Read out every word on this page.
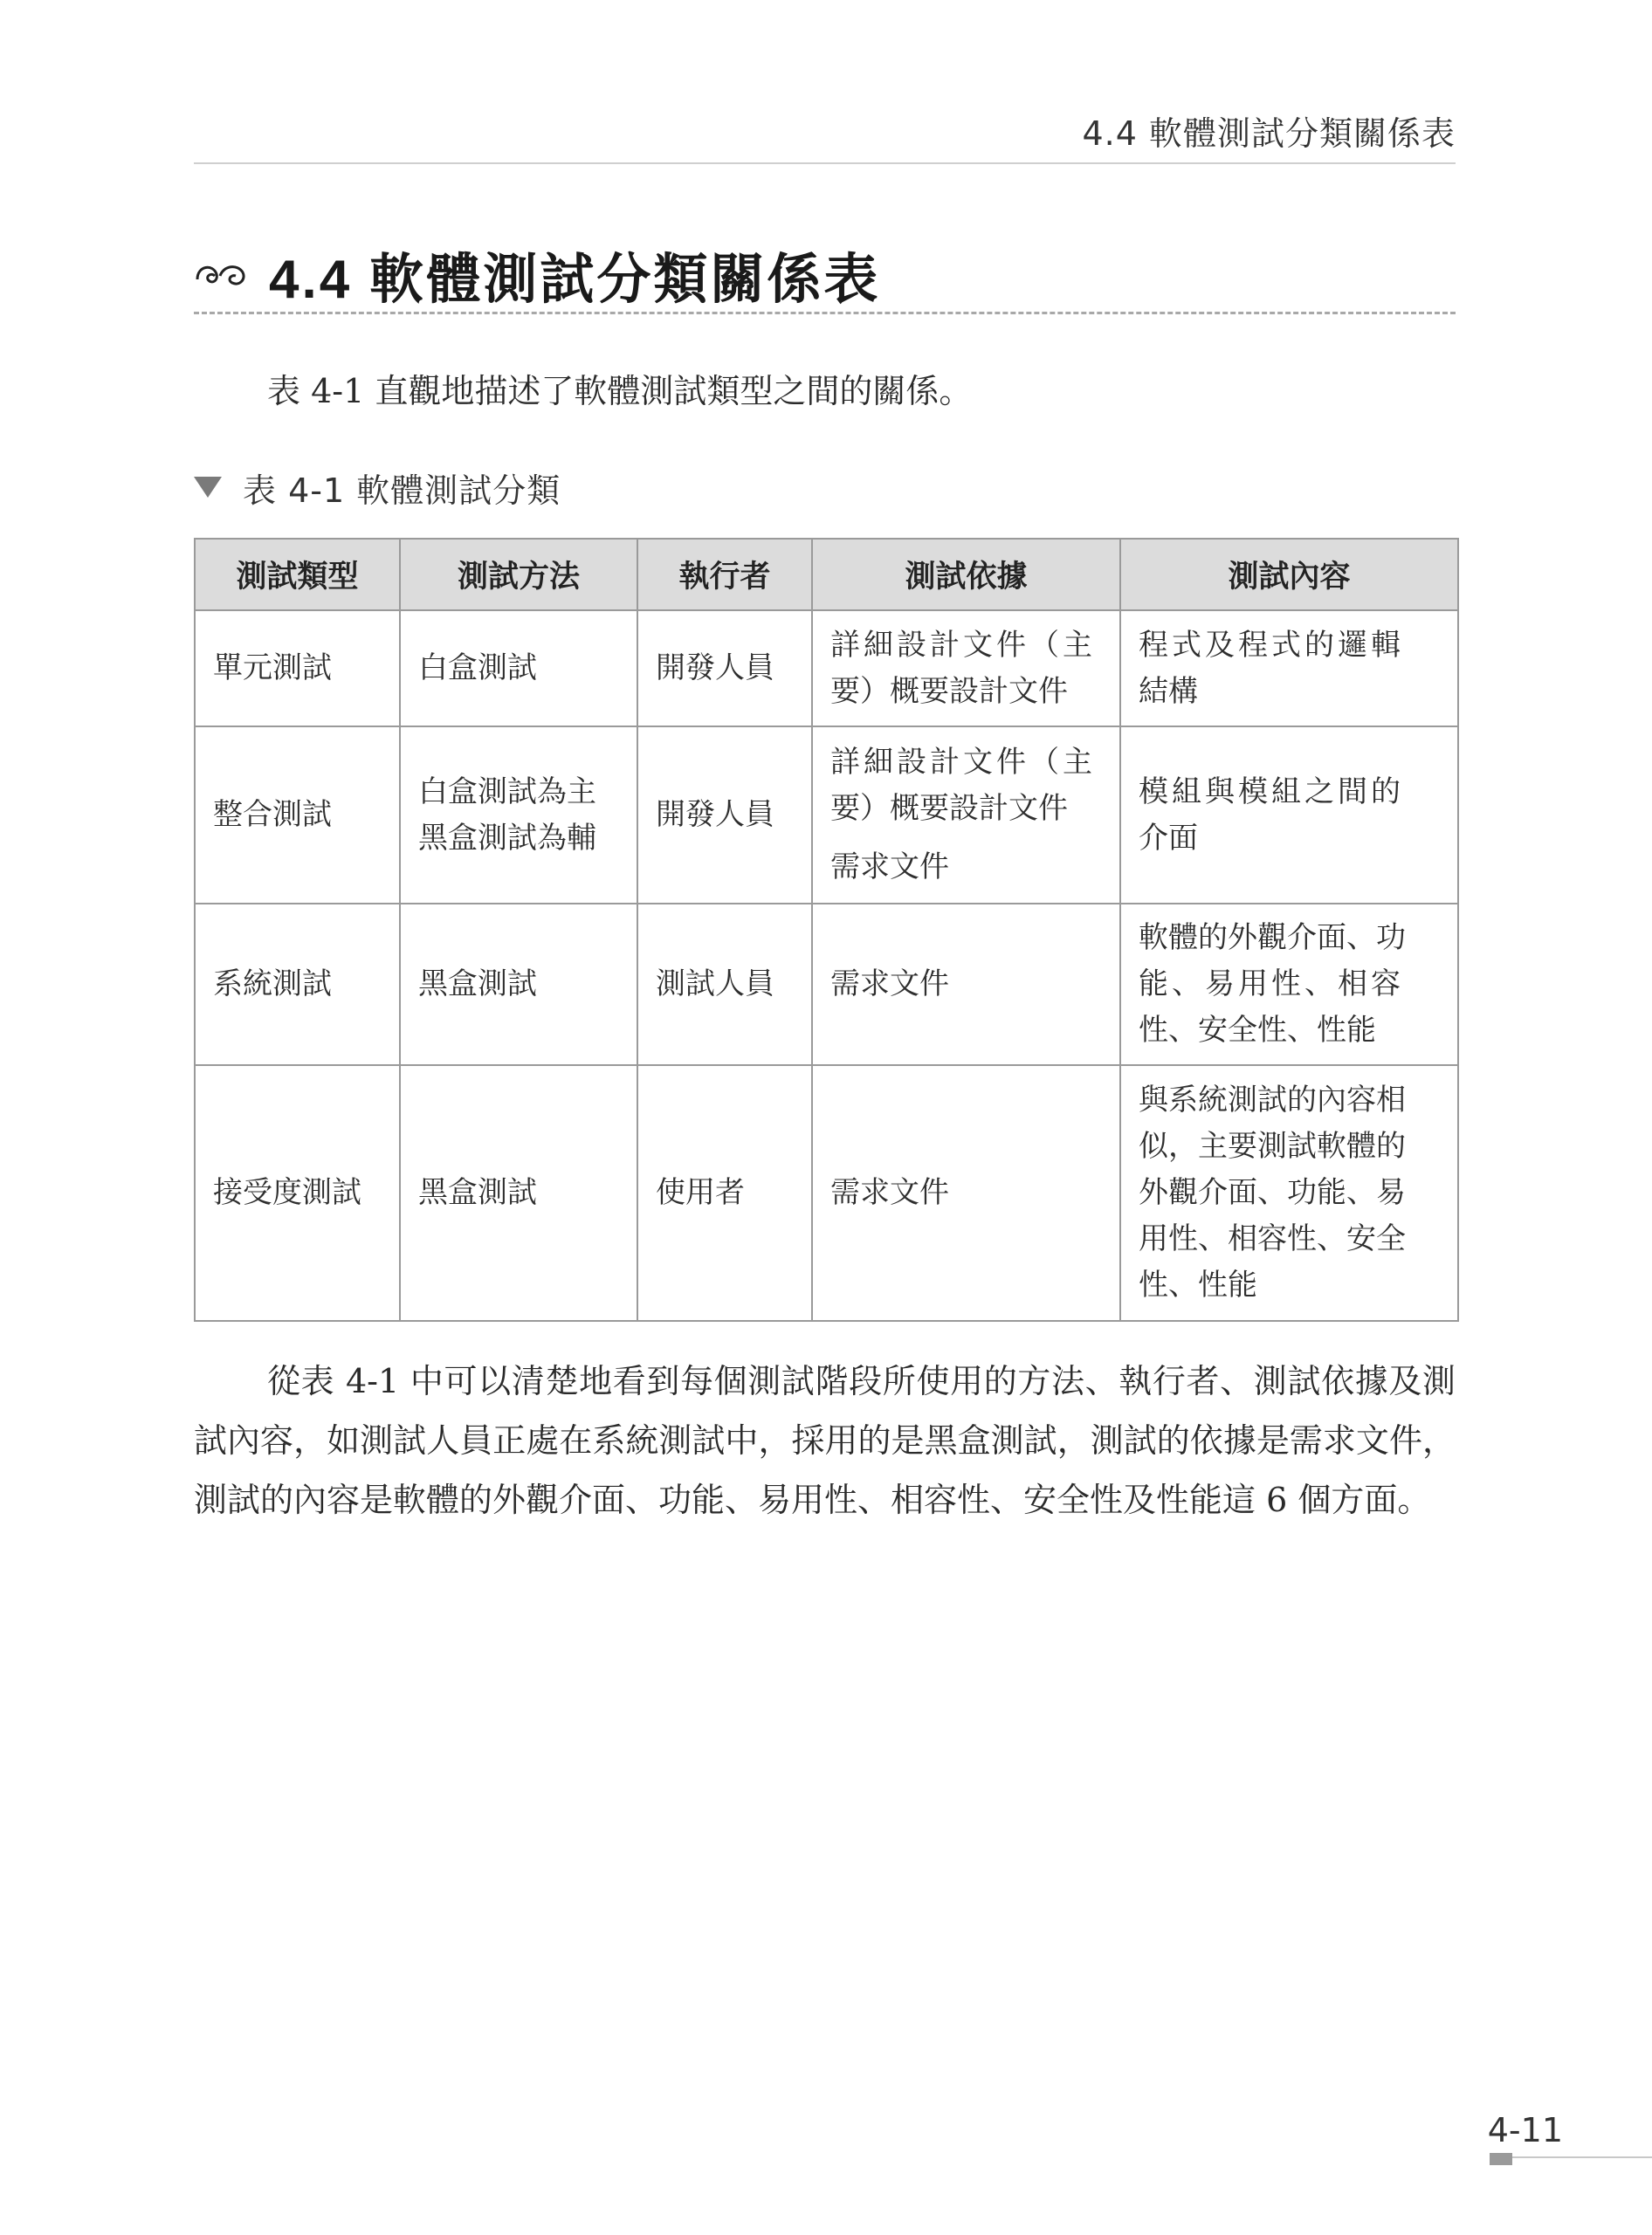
4.4 軟體測試分類關係表
4.4 軟體測試分類關係表

表 4-1 直觀地描述了軟體測試類型之間的關係。

表 4-1 軟體測試分類
測試類型	測試方法	執行者	測試依據	測試內容
單元測試	白盒測試	開發人員	詳細設計文件（主
要）概要設計文件	程式及程式的邏輯
結構

整合測試	白盒測試為主
黑盒測試為輔	開發人員	詳細設計文件（主
要）概要設計文件
需求文件	模組與模組之間的
介面

系統測試	黑盒測試	測試人員	需求文件	軟體的外觀介面、功
能、易用性、相容
性、安全性、性能

接受度測試	黑盒測試	使用者	需求文件	與系統測試的內容相
似，主要測試軟體的
外觀介面、功能、易
用性、相容性、安全
性、性能

從表 4-1 中可以清楚地看到每個測試階段所使用的方法、執行者、測試依據及測試內容，如測試人員正處在系統測試中，採用的是黑盒測試，測試的依據是需求文件，測試的內容是軟體的外觀介面、功能、易用性、相容性、安全性及性能這 6 個方面。

4-11
